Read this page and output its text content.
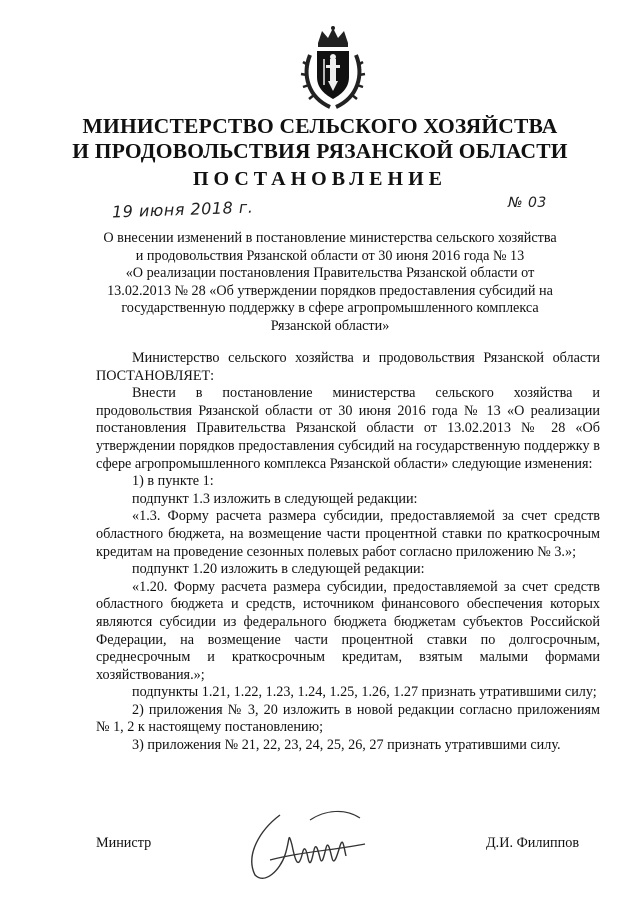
МИНИСТЕРСТВО СЕЛЬСКОГО ХОЗЯЙСТВА
И ПРОДОВОЛЬСТВИЯ РЯЗАНСКОЙ ОБЛАСТИ
ПОСТАНОВЛЕНИЕ
19 июня 2018 г.	№ 03
О внесении изменений в постановление министерства сельского хозяйства
и продовольствия Рязанской области от 30 июня 2016 года № 13
«О реализации постановления Правительства Рязанской области от
13.02.2013 № 28 «Об утверждении порядков предоставления субсидий на
государственную поддержку в сфере агропромышленного комплекса
Рязанской области»

Министерство сельского хозяйства и продовольствия Рязанской области ПОСТАНОВЛЯЕТ:

Внести в постановление министерства сельского хозяйства и продовольствия Рязанской области от 30 июня 2016 года № 13 «О реализации постановления Правительства Рязанской области от 13.02.2013 № 28 «Об утверждении порядков предоставления субсидий на государственную поддержку в сфере агропромышленного комплекса Рязанской области» следующие изменения:

1) в пункте 1:

подпункт 1.3 изложить в следующей редакции:

«1.3. Форму расчета размера субсидии, предоставляемой за счет средств областного бюджета, на возмещение части процентной ставки по краткосрочным кредитам на проведение сезонных полевых работ согласно приложению № 3.»;

подпункт 1.20 изложить в следующей редакции:

«1.20. Форму расчета размера субсидии, предоставляемой за счет средств областного бюджета и средств, источником финансового обеспечения которых являются субсидии из федерального бюджета бюджетам субъектов Российской Федерации, на возмещение части процентной ставки по долгосрочным, среднесрочным и краткосрочным кредитам, взятым малыми формами хозяйствования.»;

подпункты 1.21, 1.22, 1.23, 1.24, 1.25, 1.26, 1.27 признать утратившими силу;

2) приложения № 3, 20 изложить в новой редакции согласно приложениям № 1, 2 к настоящему постановлению;

3) приложения № 21, 22, 23, 24, 25, 26, 27 признать утратившими силу.

Министр	Д.И. Филиппов
